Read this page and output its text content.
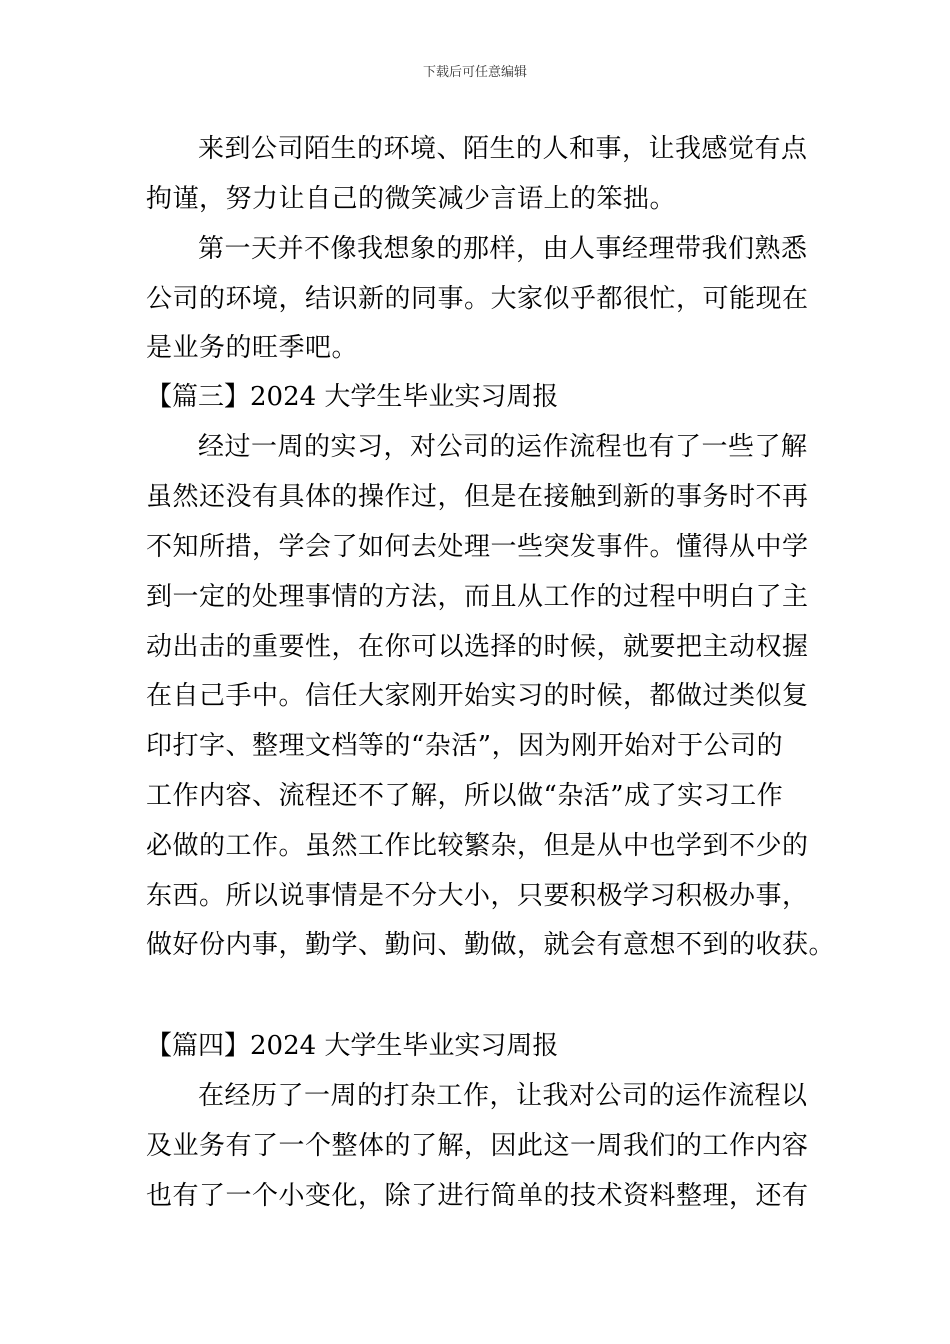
下载后可任意编辑
来到公司陌生的环境、陌生的人和事，让我感觉有点
拘谨，努力让自己的微笑减少言语上的笨拙。
第一天并不像我想象的那样，由人事经理带我们熟悉
公司的环境，结识新的同事。大家似乎都很忙，可能现在
是业务的旺季吧。
【篇三】2024 大学生毕业实习周报
经过一周的实习，对公司的运作流程也有了一些了解
虽然还没有具体的操作过，但是在接触到新的事务时不再
不知所措，学会了如何去处理一些突发事件。懂得从中学
到一定的处理事情的方法，而且从工作的过程中明白了主
动出击的重要性，在你可以选择的时候，就要把主动权握
在自己手中。信任大家刚开始实习的时候，都做过类似复
印打字、整理文档等的“杂活”，因为刚开始对于公司的
工作内容、流程还不了解，所以做“杂活”成了实习工作
必做的工作。虽然工作比较繁杂，但是从中也学到不少的
东西。所以说事情是不分大小，只要积极学习积极办事，
做好份内事，勤学、勤问、勤做，就会有意想不到的收获。
【篇四】2024 大学生毕业实习周报
在经历了一周的打杂工作，让我对公司的运作流程以
及业务有了一个整体的了解，因此这一周我们的工作内容
也有了一个小变化，除了进行简单的技术资料整理，还有
